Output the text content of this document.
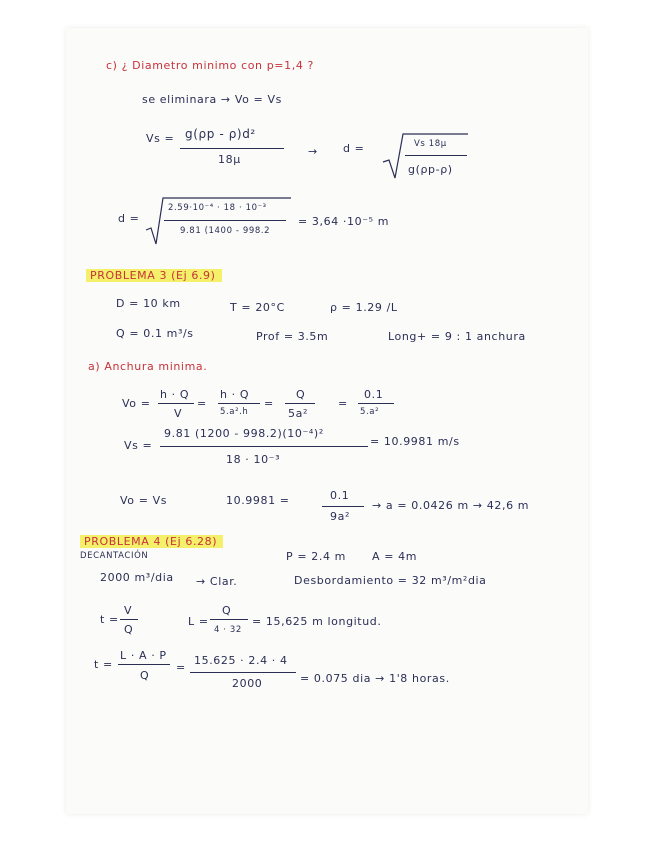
c) ¿ Diametro minimo con p=1,4 ?
se eliminara → Vo = Vs
Vs = g(ρp - ρ)d²
18μ
→ d =	Vs 18μ
g(ρp-ρ)
d =
2.59·10⁻⁴ · 18 · 10⁻³
9.81 (1400 - 998.2
= 3,64 ·10⁻⁵ m
PROBLEMA 3 (Ej 6.9)
D = 10 km	T = 20°C	ρ = 1.29 /L
Q = 0.1 m³/s	Prof = 3.5m	Long+ = 9 : 1 anchura
a) Anchura minima.
Vo =
h · Q
V
=
h · Q
5.a².h
=
Q
5a²
=
0.1
5.a²
Vs =
9.81 (1200 - 998.2)(10⁻⁴)²
18 · 10⁻³
= 10.9981 m/s
Vo = Vs	10.9981 =	0.1
9a²
→ a = 0.0426 m → 42,6 m
PROBLEMA 4 (Ej 6.28)
DECANTACIÓN	P = 2.4 m A = 4m
2000 m³/dia → Clar.	Desbordamiento = 32 m³/m²dia
t =
V
Q
L =
Q
4 · 32
= 15,625 m longitud.
t =
L · A · P
Q
=
15.625 · 2.4 · 4
2000	= 0.075 dia → 1'8 horas.
